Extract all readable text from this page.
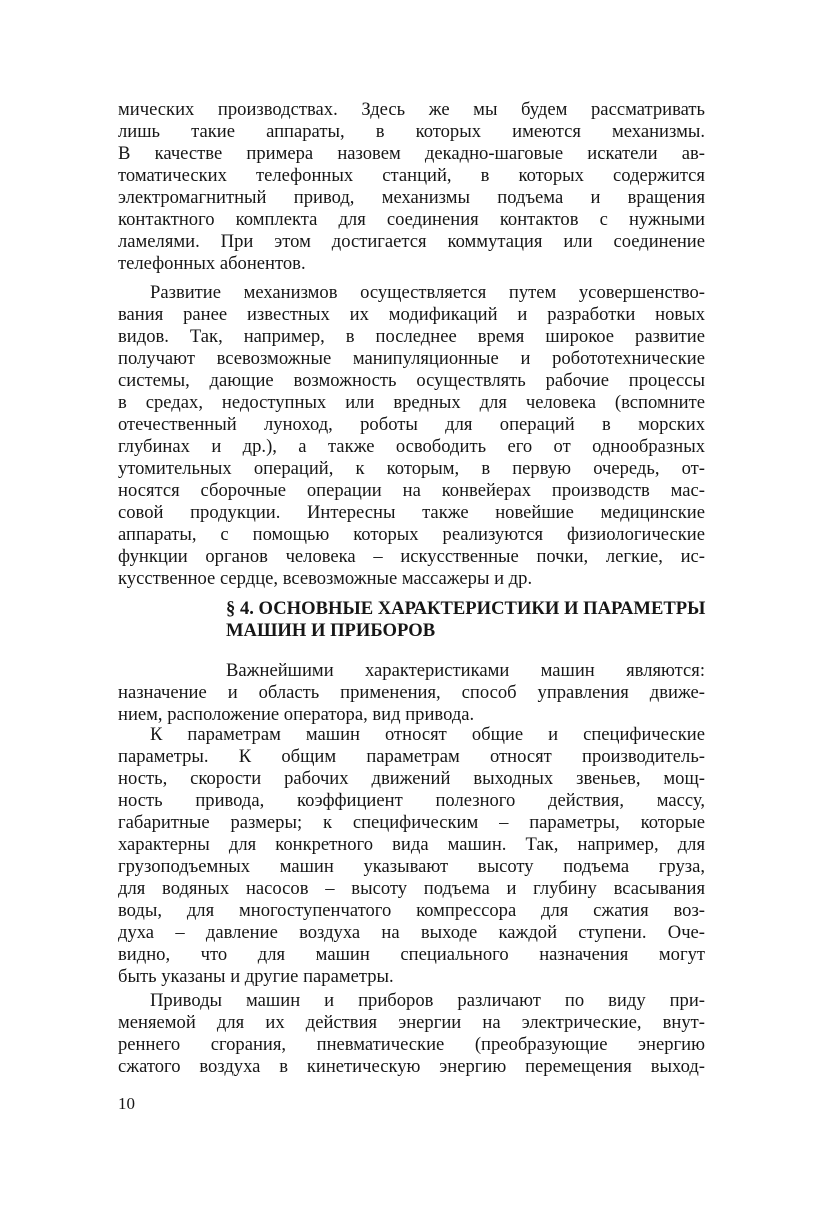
мических производствах. Здесь же мы будем рассматривать
лишь такие аппараты, в которых имеются механизмы.
В качестве примера назовем декадно-шаговые искатели ав-
томатических телефонных станций, в которых содержится
электромагнитный привод, механизмы подъема и вращения
контактного комплекта для соединения контактов с нужными
ламелями. При этом достигается коммутация или соединение
телефонных абонентов.

Развитие механизмов осуществляется путем усовершенство-
вания ранее известных их модификаций и разработки новых
видов. Так, например, в последнее время широкое развитие
получают всевозможные манипуляционные и робототехнические
системы, дающие возможность осуществлять рабочие процессы
в средах, недоступных или вредных для человека (вспомните
отечественный луноход, роботы для операций в морских
глубинах и др.), а также освободить его от однообразных
утомительных операций, к которым, в первую очередь, от-
носятся сборочные операции на конвейерах производств мас-
совой продукции. Интересны также новейшие медицинские
аппараты, с помощью которых реализуются физиологические
функции органов человека – искусственные почки, легкие, ис-
кусственное сердце, всевозможные массажеры и др.

§ 4. ОСНОВНЫЕ ХАРАКТЕРИСТИКИ И ПАРАМЕТРЫ
МАШИН И ПРИБОРОВ

Важнейшими характеристиками машин являются:
назначение и область применения, способ управления движе-
нием, расположение оператора, вид привода.

К параметрам машин относят общие и специфические
параметры. К общим параметрам относят производитель-
ность, скорости рабочих движений выходных звеньев, мощ-
ность привода, коэффициент полезного действия, массу,
габаритные размеры; к специфическим – параметры, которые
характерны для конкретного вида машин. Так, например, для
грузоподъемных машин указывают высоту подъема груза,
для водяных насосов – высоту подъема и глубину всасывания
воды, для многоступенчатого компрессора для сжатия воз-
духа – давление воздуха на выходе каждой ступени. Оче-
видно, что для машин специального назначения могут
быть указаны и другие параметры.

Приводы машин и приборов различают по виду при-
меняемой для их действия энергии на электрические, внут-
реннего сгорания, пневматические (преобразующие энергию
сжатого воздуха в кинетическую энергию перемещения выход-

10
